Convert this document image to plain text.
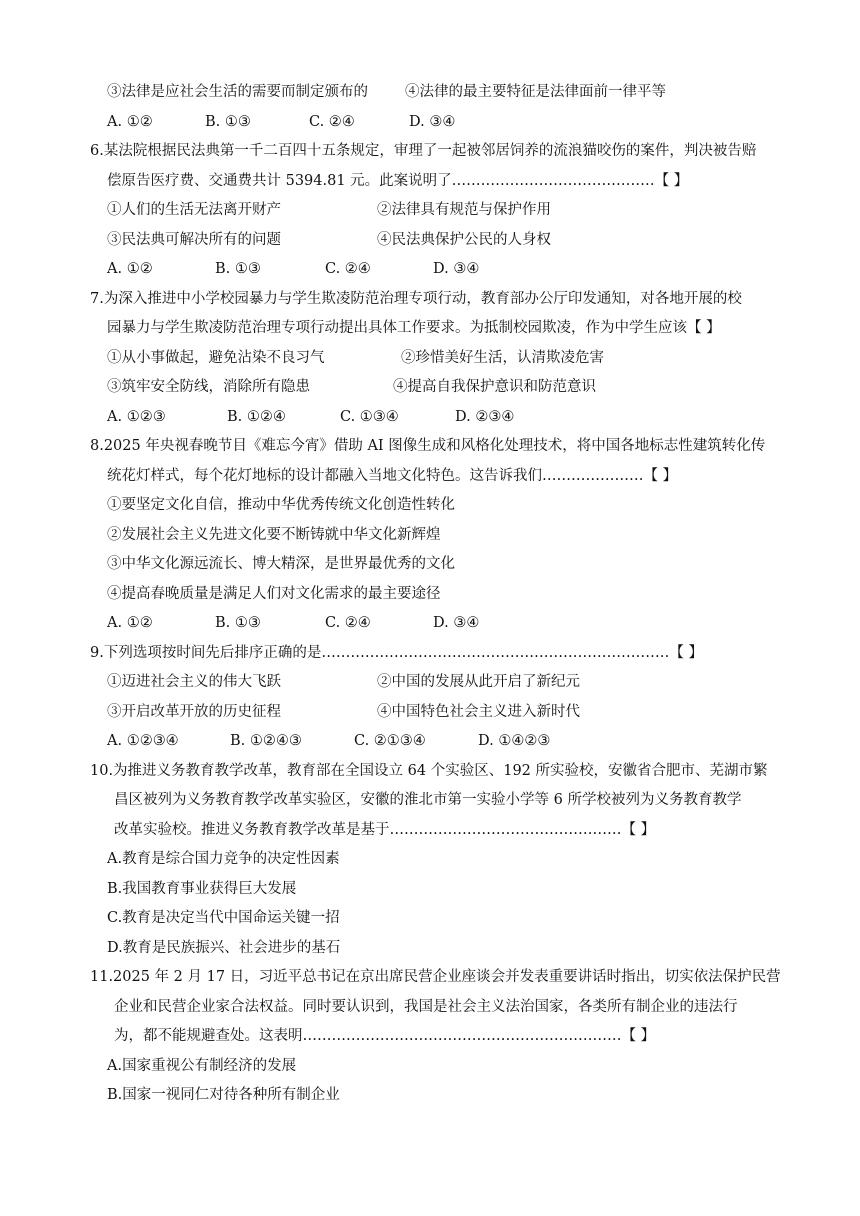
③法律是应社会生活的需要而制定颁布的	④法律的最主要特征是法律面前一律平等
A. ①②	B. ①③	C. ②④	D. ③④
6.某法院根据民法典第一千二百四十五条规定，审理了一起被邻居饲养的流浪猫咬伤的案件，判决被告赔
偿原告医疗费、交通费共计 5394.81 元。此案说明了……………………………………【 】
①人们的生活无法离开财产	②法律具有规范与保护作用
③民法典可解决所有的问题	④民法典保护公民的人身权
A. ①②	B. ①③	C. ②④	D. ③④
7.为深入推进中小学校园暴力与学生欺凌防范治理专项行动，教育部办公厅印发通知，对各地开展的校
园暴力与学生欺凌防范治理专项行动提出具体工作要求。为抵制校园欺凌，作为中学生应该【 】
①从小事做起，避免沾染不良习气	②珍惜美好生活，认清欺凌危害
③筑牢安全防线，消除所有隐患	④提高自我保护意识和防范意识
A. ①②③	B. ①②④	C. ①③④	D. ②③④
8.2025 年央视春晚节目《难忘今宵》借助 AI 图像生成和风格化处理技术，将中国各地标志性建筑转化传
统花灯样式，每个花灯地标的设计都融入当地文化特色。这告诉我们…………………【 】
①要坚定文化自信，推动中华优秀传统文化创造性转化
②发展社会主义先进文化要不断铸就中华文化新辉煌
③中华文化源远流长、博大精深，是世界最优秀的文化
④提高春晚质量是满足人们对文化需求的最主要途径
A. ①②	B. ①③	C. ②④	D. ③④
9.下列选项按时间先后排序正确的是………………………………………………………………【 】
①迈进社会主义的伟大飞跃	②中国的发展从此开启了新纪元
③开启改革开放的历史征程	④中国特色社会主义进入新时代
A. ①②③④	B. ①②④③	C. ②①③④	D. ①④②③
10.为推进义务教育教学改革，教育部在全国设立 64 个实验区、192 所实验校，安徽省合肥市、芜湖市繁
昌区被列为义务教育教学改革实验区，安徽的淮北市第一实验小学等 6 所学校被列为义务教育教学
改革实验校。推进义务教育教学改革是基于…………………………………………【 】
A.教育是综合国力竞争的决定性因素
B.我国教育事业获得巨大发展
C.教育是决定当代中国命运关键一招
D.教育是民族振兴、社会进步的基石
11.2025 年 2 月 17 日，习近平总书记在京出席民营企业座谈会并发表重要讲话时指出，切实依法保护民营
企业和民营企业家合法权益。同时要认识到，我国是社会主义法治国家，各类所有制企业的违法行
为，都不能规避查处。这表明…………………………………………………………【 】
A.国家重视公有制经济的发展
B.国家一视同仁对待各种所有制企业
